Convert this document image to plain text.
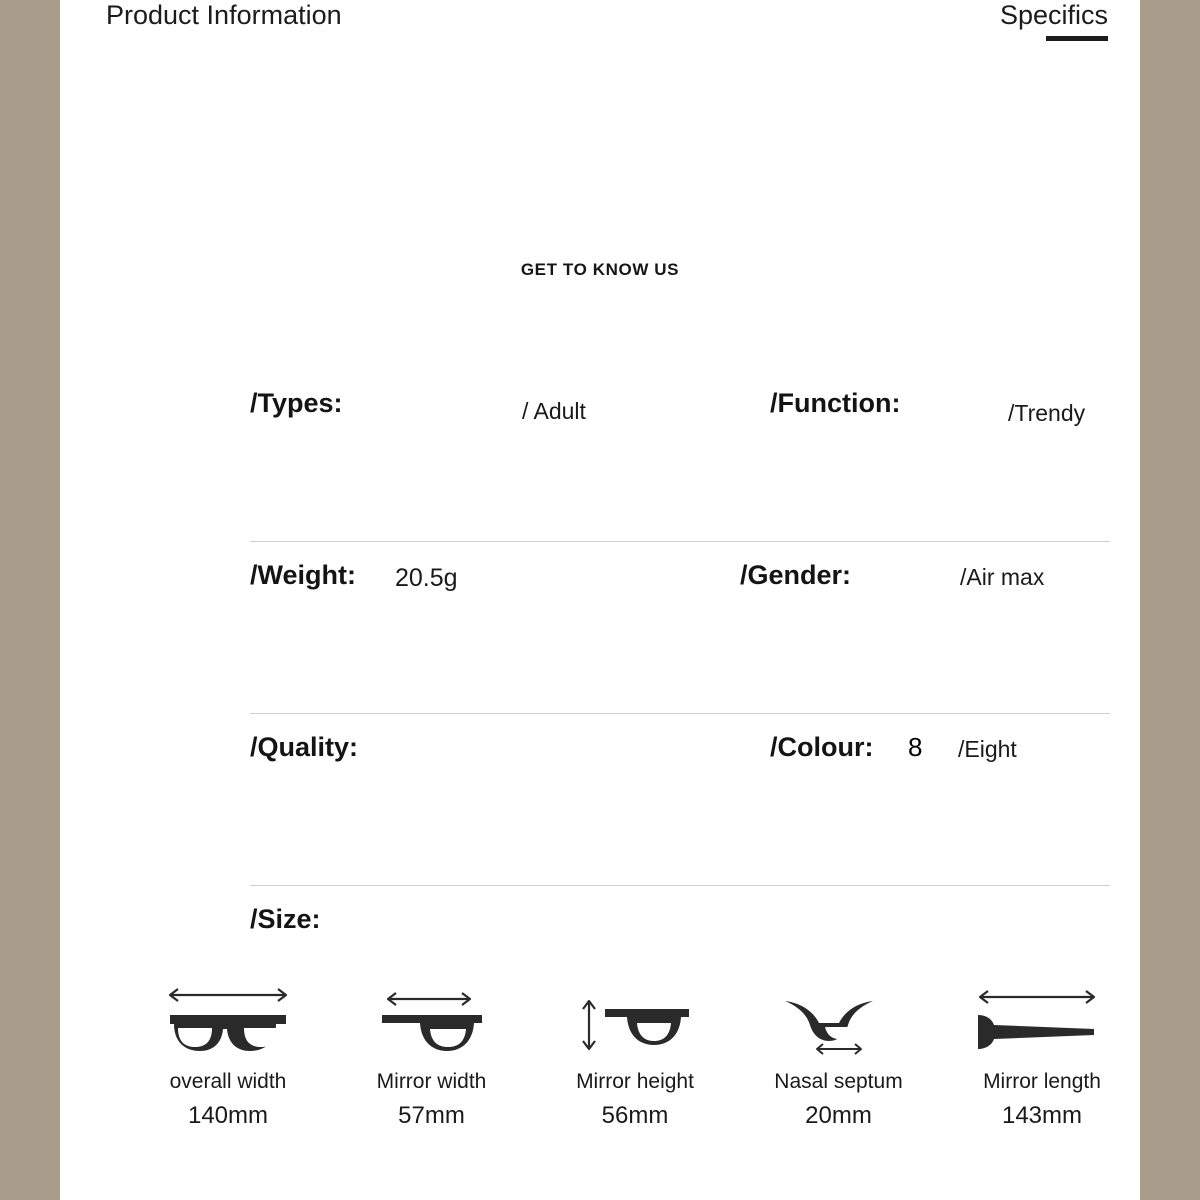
Product Information	Specifics
GET TO KNOW US
/Types:	/ Adult	/Function:	/Trendy
/Weight: 20.5g	/Gender:	/Air max
/Quality:	/Colour: 8 /Eight
/Size:
overall width
140mm
Mirror width
57mm
Mirror height
56mm
Nasal septum
20mm
Mirror length
143mm
